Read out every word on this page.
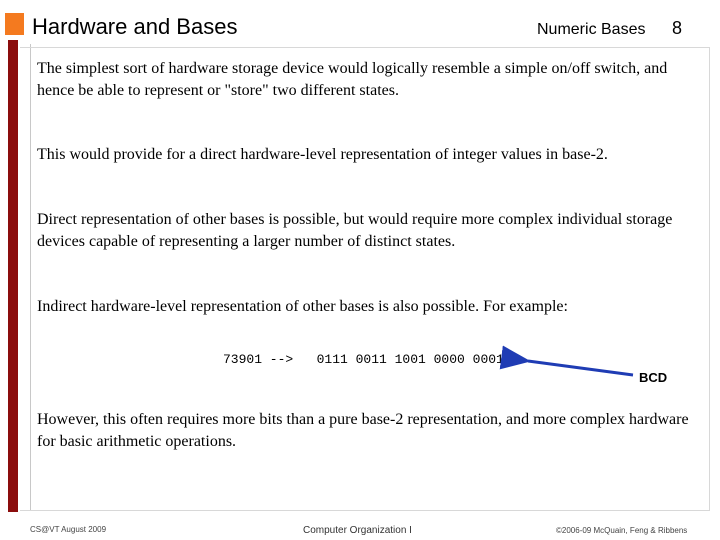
Hardware and Bases	Numeric Bases 8

The simplest sort of hardware storage device would logically resemble a simple on/off switch, and hence be able to represent or "store" two different states.

This would provide for a direct hardware-level representation of integer values in base-2.

Direct representation of other bases is possible, but would require more complex individual storage devices capable of representing a larger number of distinct states.

Indirect hardware-level representation of other bases is also possible. For example:

73901 -->   0111 0011 1001 0000 0001
BCD

However, this often requires more bits than a pure base-2 representation, and more complex hardware for basic arithmetic operations.

CS@VT August 2009	Computer Organization I	©2006-09 McQuain, Feng & Ribbens
